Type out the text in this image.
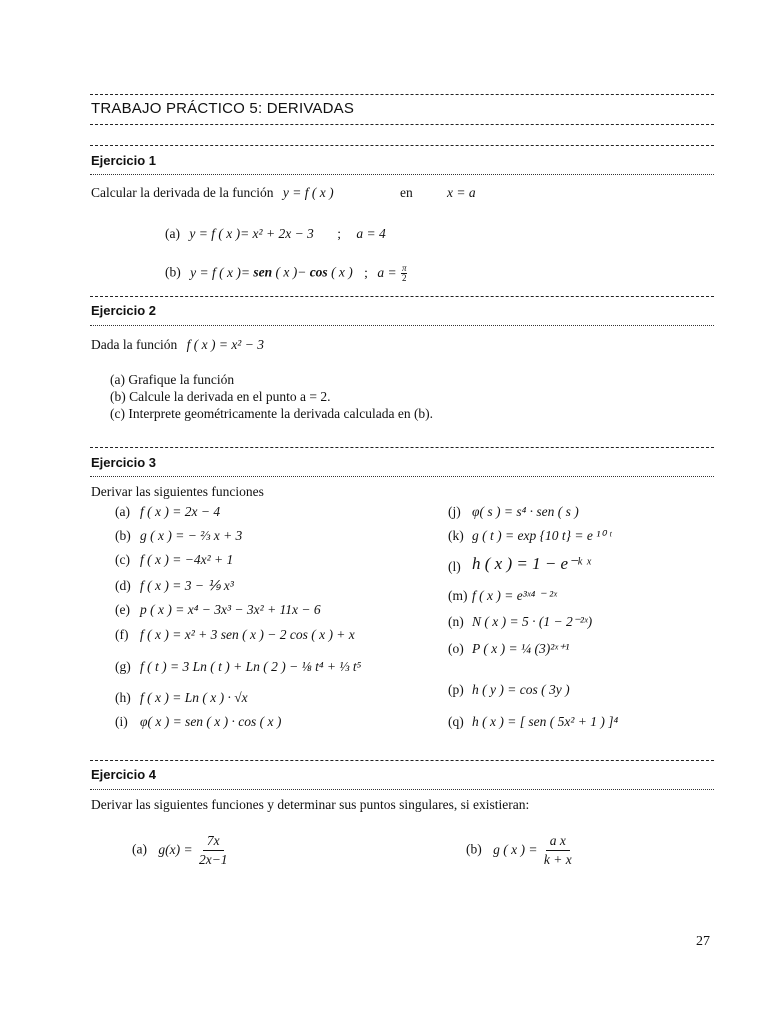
TRABAJO PRÁCTICO 5: DERIVADAS
Ejercicio 1
Calcular la derivada de la función y = f ( x )	en	x = a
(a) y = f ( x )= x² + 2x − 3 ; a = 4
(b) y = f ( x )= sen ( x )− cos ( x ) ; $a = \frac{\pi}{2}$
Ejercicio 2
Dada la función f ( x ) = x² − 3
(a) Grafique la función
(b) Calcule la derivada en el punto a = 2.
(c) Interprete geométricamente la derivada calculada en (b).
Ejercicio 3
Derivar las siguientes funciones
(a) f ( x ) = 2x − 4
(b) g ( x ) = − ⅔ x + 3
(c) f ( x ) = −4x² + 1
(d) f ( x ) = 3 − ⅑ x³
(e) p ( x ) = x⁴ − 3x³ − 3x² + 11x − 6
(f) f ( x ) = x² + 3 sen ( x ) − 2 cos ( x ) + x
(g) f ( t ) = 3 Ln ( t ) + Ln ( 2 ) − ⅛ t⁴ + ⅓ t⁵
(h) f ( x ) = Ln ( x ) · √x
(i) φ( x ) = sen ( x ) · cos ( x )
(j) φ( s ) = s⁴ · sen ( s )
(k) g ( t ) = exp {10 t} = e ¹⁰ ᵗ
(l) h ( x ) = 1 − e⁻ᵏ ˣ
(m) f ( x ) = e³ˣ⁴ ⁻ ²ˣ
(n) N ( x ) = 5 · (1 − 2⁻²ˣ)
(o) P ( x ) = ¼ (3)²ˣ⁺¹
(p) h ( y ) = cos ( 3y )
(q) h ( x ) = [ sen ( 5x² + 1 ) ]⁴
Ejercicio 4
Derivar las siguientes funciones y determinar sus puntos singulares, si existieran:
(a) $g(x) = \frac{7x}{2x-1}$	(b) g ( x ) = $\frac{\text{a x}}{k + x}$
27
